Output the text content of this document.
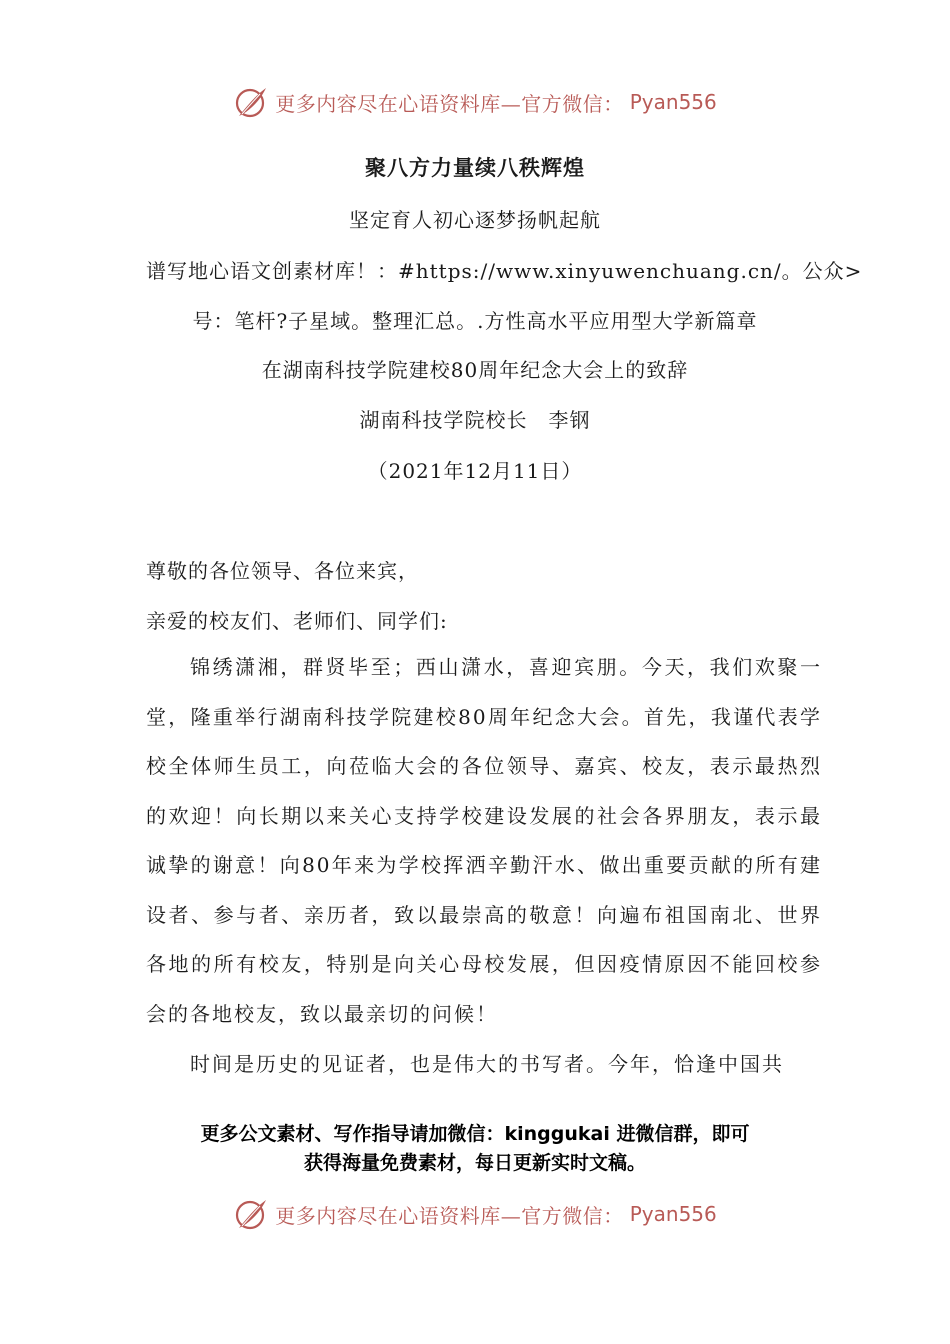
更多内容尽在心语资料库—官方微信： Pyan556
聚八方力量续八秩辉煌
坚定育人初心逐梦扬帆起航
谱写地心语文创素材库！：#https://www.xinyuwenchuang.cn/。公众>
号：笔杆?子星域。整理汇总。.方性高水平应用型大学新篇章
在湖南科技学院建校80周年纪念大会上的致辞
湖南科技学院校长　李钢
（2021年12月11日）
尊敬的各位领导、各位来宾，
亲爱的校友们、老师们、同学们:
锦绣潇湘，群贤毕至；西山潇水，喜迎宾朋。今天，我们欢聚一堂，隆重举行湖南科技学院建校80周年纪念大会。首先，我谨代表学校全体师生员工，向莅临大会的各位领导、嘉宾、校友，表示最热烈的欢迎！向长期以来关心支持学校建设发展的社会各界朋友，表示最诚挚的谢意！向80年来为学校挥洒辛勤汗水、做出重要贡献的所有建设者、参与者、亲历者，致以最崇高的敬意！向遍布祖国南北、世界各地的所有校友，特别是向关心母校发展，但因疫情原因不能回校参会的各地校友，致以最亲切的问候！
时间是历史的见证者，也是伟大的书写者。今年，恰逢中国共
更多公文素材、写作指导请加微信：kinggukai 进微信群，即可
获得海量免费素材，每日更新实时文稿。
更多内容尽在心语资料库—官方微信： Pyan556
